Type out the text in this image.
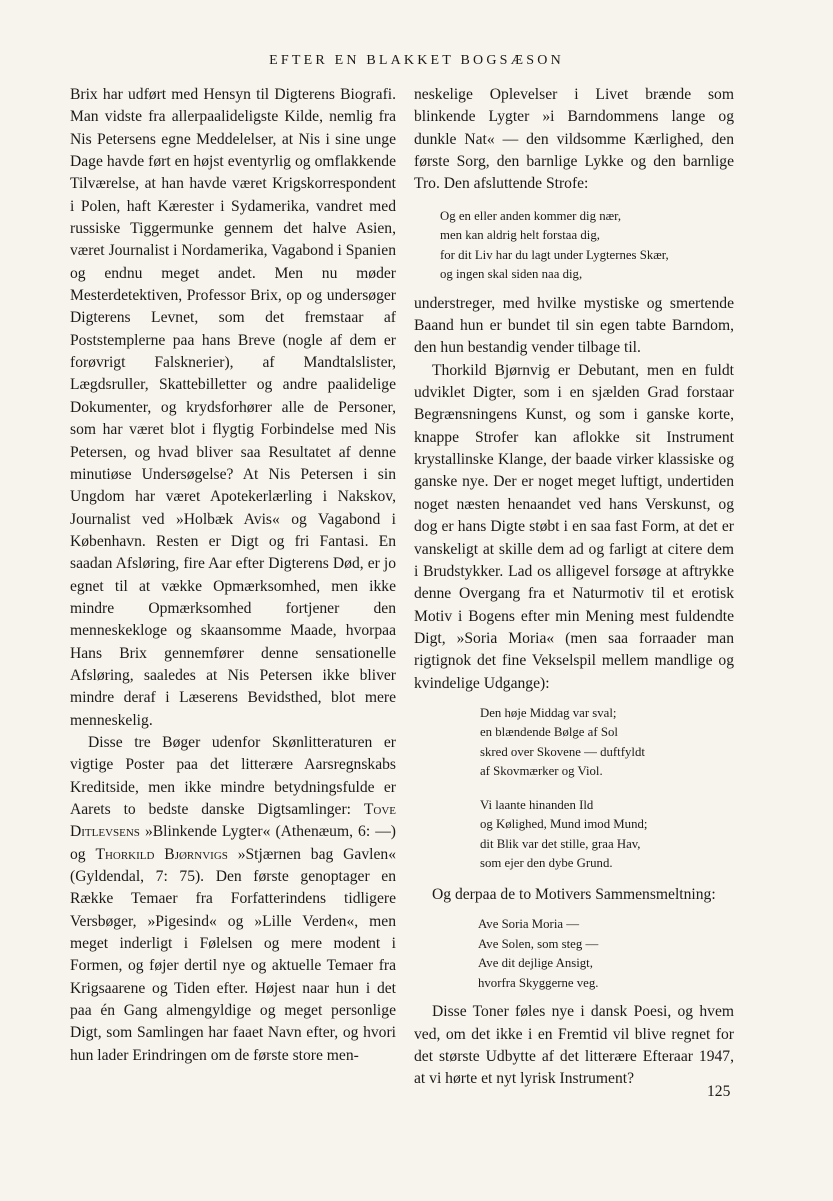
EFTER EN BLAKKET BOGSÆSON

Brix har udført med Hensyn til Digterens Biografi. Man vidste fra allerpaalideligste Kilde, nemlig fra Nis Petersens egne Meddelelser, at Nis i sine unge Dage havde ført en højst eventyrlig og omflakkende Tilværelse, at han havde været Krigskorrespondent i Polen, haft Kærester i Sydamerika, vandret med russiske Tiggermunke gennem det halve Asien, været Journalist i Nordamerika, Vagabond i Spanien og endnu meget andet. Men nu møder Mesterdetektiven, Professor Brix, op og undersøger Digterens Levnet, som det fremstaar af Poststemplerne paa hans Breve (nogle af dem er forøvrigt Falsknerier), af Mandtalslister, Lægdsruller, Skattebilletter og andre paalidelige Dokumenter, og krydsforhører alle de Personer, som har været blot i flygtig Forbindelse med Nis Petersen, og hvad bliver saa Resultatet af denne minutiøse Undersøgelse? At Nis Petersen i sin Ungdom har været Apotekerlærling i Nakskov, Journalist ved »Holbæk Avis« og Vagabond i København. Resten er Digt og fri Fantasi. En saadan Afsløring, fire Aar efter Digterens Død, er jo egnet til at vække Opmærksomhed, men ikke mindre Opmærksomhed fortjener den menneskekloge og skaansomme Maade, hvorpaa Hans Brix gennemfører denne sensationelle Afsløring, saaledes at Nis Petersen ikke bliver mindre deraf i Læserens Bevidsthed, blot mere menneskelig.

Disse tre Bøger udenfor Skønlitteraturen er vigtige Poster paa det litterære Aarsregnskabs Kreditside, men ikke mindre betydningsfulde er Aarets to bedste danske Digtsamlinger: Tove Ditlevsens »Blinkende Lygter« (Athenæum, 6: —) og Thorkild Bjørnvigs »Stjærnen bag Gavlen« (Gyldendal, 7: 75). Den første genoptager en Række Temaer fra Forfatterindens tidligere Versbøger, »Pigesind« og »Lille Verden«, men meget inderligt i Følelsen og mere modent i Formen, og føjer dertil nye og aktuelle Temaer fra Krigsaarene og Tiden efter. Højest naar hun i det paa én Gang almengyldige og meget personlige Digt, som Samlingen har faaet Navn efter, og hvori hun lader Erindringen om de første store men-

neskelige Oplevelser i Livet brænde som blinkende Lygter »i Barndommens lange og dunkle Nat« — den vildsomme Kærlighed, den første Sorg, den barnlige Lykke og den barnlige Tro. Den afsluttende Strofe:

Og en eller anden kommer dig nær,
men kan aldrig helt forstaa dig,
for dit Liv har du lagt under Lygternes Skær,
og ingen skal siden naa dig,

understreger, med hvilke mystiske og smertende Baand hun er bundet til sin egen tabte Barndom, den hun bestandig vender tilbage til.

Thorkild Bjørnvig er Debutant, men en fuldt udviklet Digter, som i en sjælden Grad forstaar Begrænsningens Kunst, og som i ganske korte, knappe Strofer kan aflokke sit Instrument krystallinske Klange, der baade virker klassiske og ganske nye. Der er noget meget luftigt, undertiden noget næsten henaandet ved hans Verskunst, og dog er hans Digte støbt i en saa fast Form, at det er vanskeligt at skille dem ad og farligt at citere dem i Brudstykker. Lad os alligevel forsøge at aftrykke denne Overgang fra et Naturmotiv til et erotisk Motiv i Bogens efter min Mening mest fuldendte Digt, »Soria Moria« (men saa forraader man rigtignok det fine Vekselspil mellem mandlige og kvindelige Udgange):

Den høje Middag var sval;
en blændende Bølge af Sol
skred over Skovene — duftfyldt
af Skovmærker og Viol.
Vi laante hinanden Ild
og Kølighed, Mund imod Mund;
dit Blik var det stille, graa Hav,
som ejer den dybe Grund.

Og derpaa de to Motivers Sammensmeltning:

Ave Soria Moria —
Ave Solen, som steg —
Ave dit dejlige Ansigt,
hvorfra Skyggerne veg.

Disse Toner føles nye i dansk Poesi, og hvem ved, om det ikke i en Fremtid vil blive regnet for det største Udbytte af det litterære Efteraar 1947, at vi hørte et nyt lyrisk Instrument?

125
